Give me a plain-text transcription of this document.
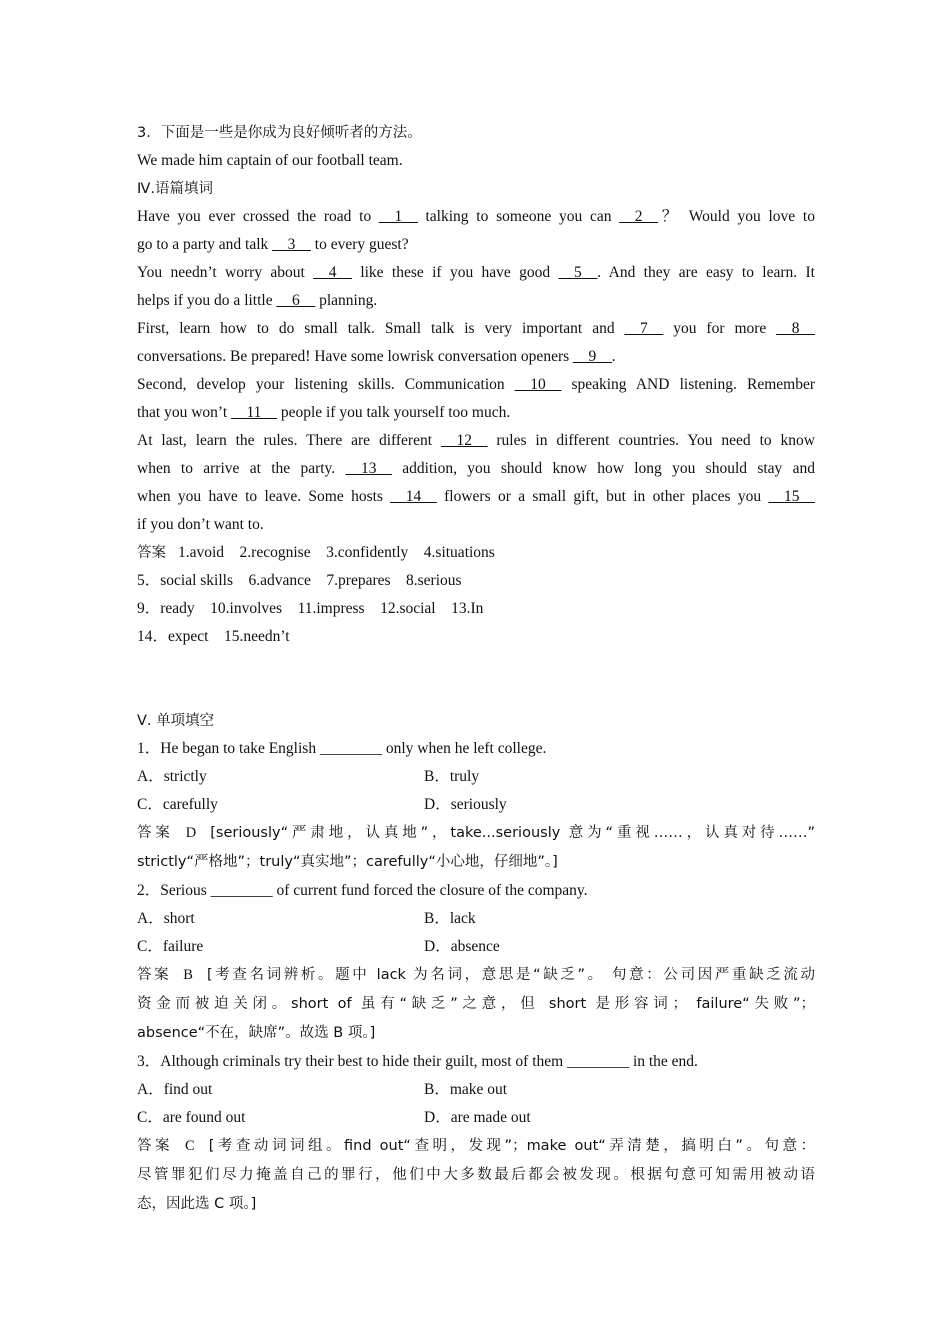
3．下面是一些是你成为良好倾听者的方法。
We made him captain of our football team.
Ⅳ.语篇填词
Have you ever crossed the road to __1__ talking to someone you can __2__？ Would you love to
go to a party and talk __3__ to every guest?
You needn’t worry about __4__ like these if you have good __5__. And they are easy to learn. It
helps if you do a little __6__ planning.
First, learn how to do small talk. Small talk is very important and __7__ you for more __8__
conversations. Be prepared! Have some lowrisk conversation openers __9__.
Second, develop your listening skills. Communication __10__ speaking AND listening. Remember
that you won’t __11__ people if you talk yourself too much.
At last, learn the rules. There are different __12__ rules in different countries. You need to know
when to arrive at the party. __13__ addition, you should know how long you should stay and
when you have to leave. Some hosts __14__ flowers or a small gift, but in other places you __15__
if you don’t want to.
答案 1.avoid　2.recognise　3.confidently　4.situations
5．social skills　6.advance　7.prepares　8.serious
9．ready　10.involves　11.impress　12.social　13.In
14．expect　15.needn’t
Ⅴ. 单项填空
1．He began to take English ________ only when he left college.
A．strictly	B．truly
C．carefully	D．seriously
答案 D [seriously“严肃地，认真地”，take...seriously 意为“重视……，认真对待……”
strictly“严格地”；truly“真实地”；carefully“小心地，仔细地”。]
2．Serious ________ of current fund forced the closure of the company.
A．short	B．lack
C．failure	D．absence
答案 B [考查名词辨析。题中 lack 为名词，意思是“缺乏”。 句意：公司因严重缺乏流动
资金而被迫关闭。short of 虽有“缺乏”之意，但 short 是形容词； failure“失败”；
absence“不在，缺席”。故选 B 项。]
3．Although criminals try their best to hide their guilt, most of them ________ in the end.
A．find out	B．make out
C．are found out	D．are made out
答案 C [考查动词词组。find out“查明，发现”；make out“弄清楚，搞明白”。句意：
尽管罪犯们尽力掩盖自己的罪行，他们中大多数最后都会被发现。根据句意可知需用被动语
态，因此选 C 项。]
